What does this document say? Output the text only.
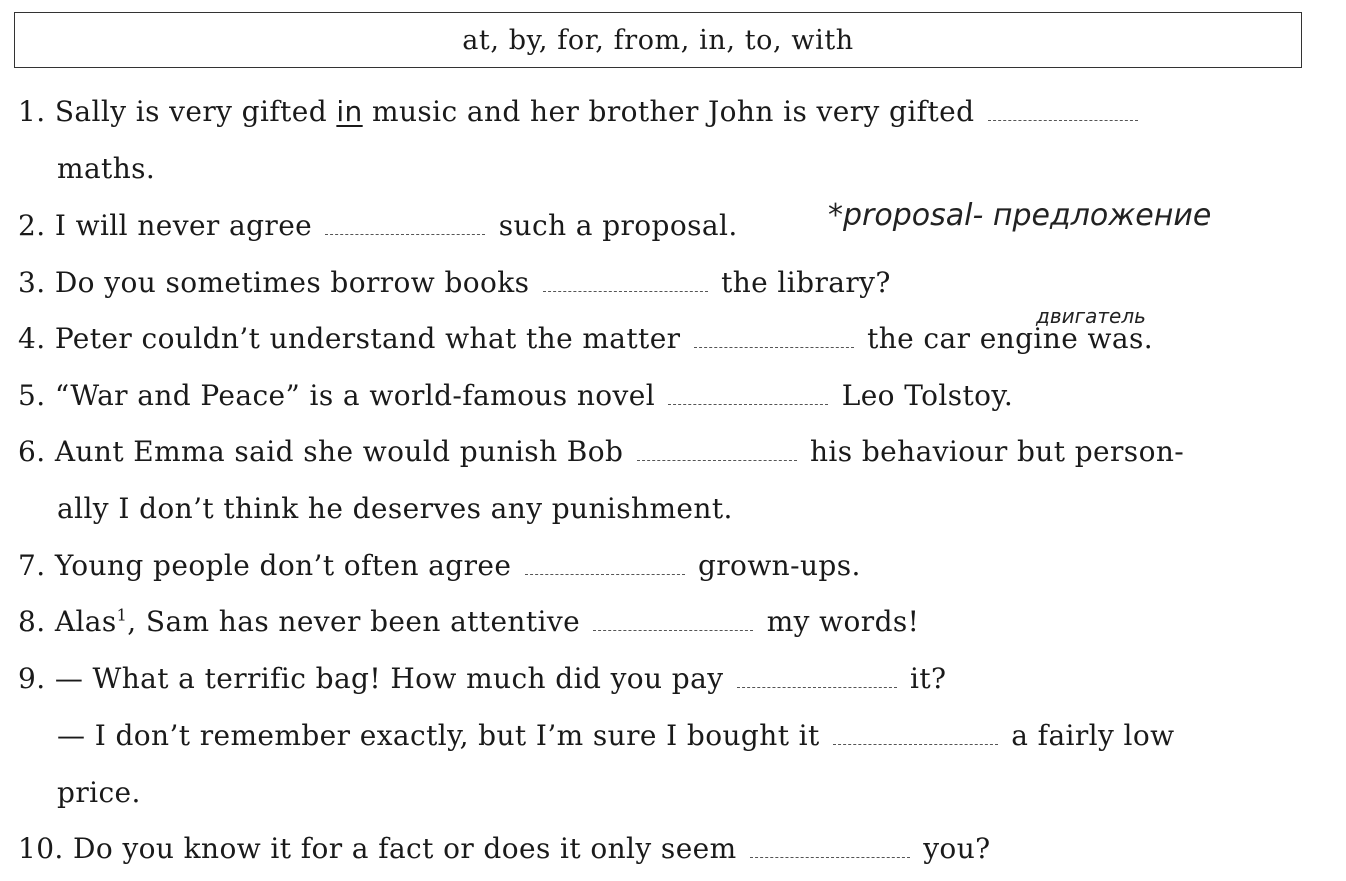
at, by, for, from, in, to, with
1. Sally is very gifted in music and her brother John is very gifted
maths.
2. I will never agree	such a proposal.	*proposal- предложение
3. Do you sometimes borrow books	the library?
двигатель
4. Peter couldn’t understand what the matter	the car engine was.
5. “War and Peace” is a world-famous novel	Leo Tolstoy.
6. Aunt Emma said she would punish Bob	his behaviour but person-
ally I don’t think he deserves any punishment.
7. Young people don’t often agree	grown-ups.
8. Alas$^1$, Sam has never been attentive	my words!
9. — What a terrific bag! How much did you pay	it?
— I don’t remember exactly, but I’m sure I bought it	a fairly low
price.
10. Do you know it for a fact or does it only seem	you?
